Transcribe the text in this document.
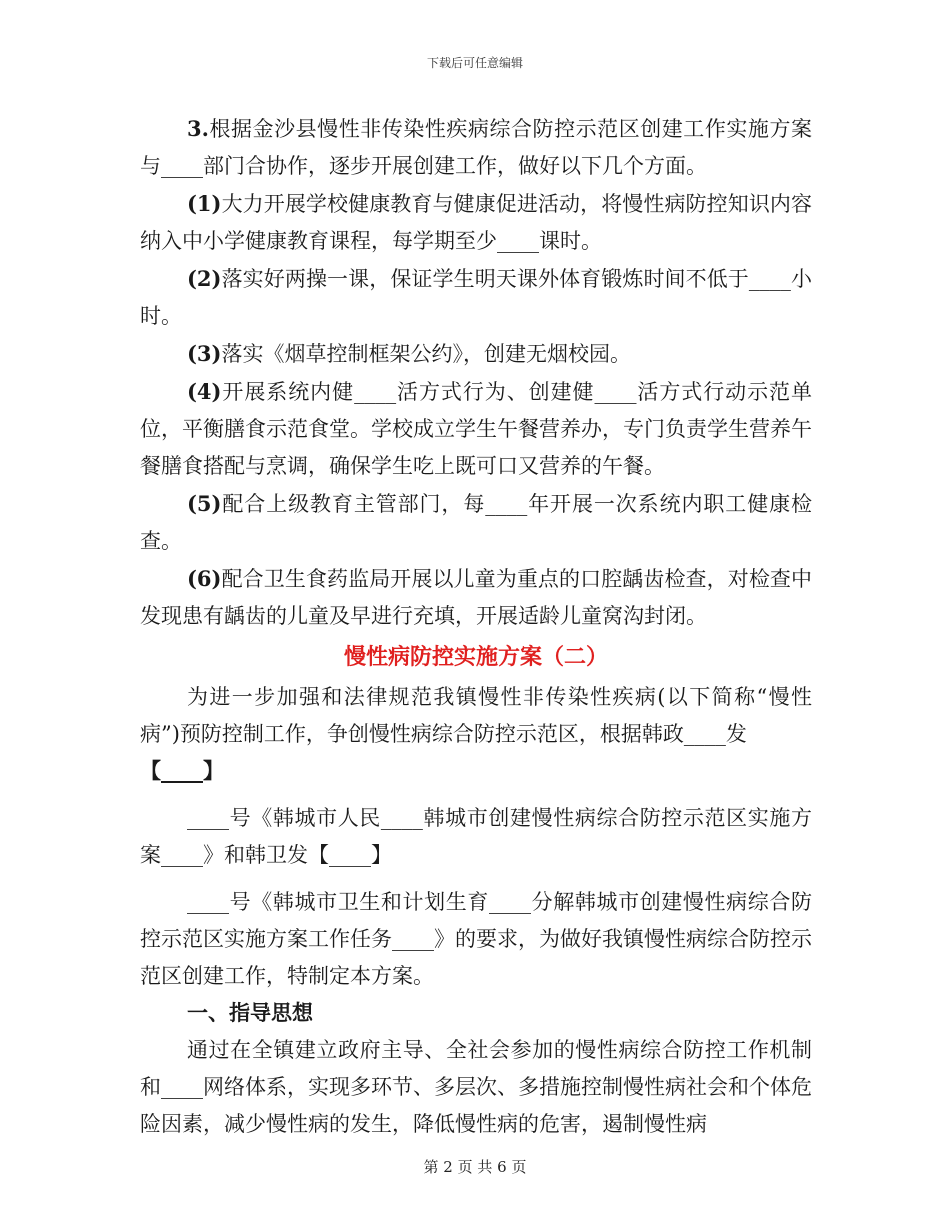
下载后可任意编辑

3.根据金沙县慢性非传染性疾病综合防控示范区创建工作实施方案与____部门合协作，逐步开展创建工作，做好以下几个方面。

(1)大力开展学校健康教育与健康促进活动，将慢性病防控知识内容纳入中小学健康教育课程，每学期至少____课时。

(2)落实好两操一课，保证学生明天课外体育锻炼时间不低于____小时。

(3)落实《烟草控制框架公约》，创建无烟校园。

(4)开展系统内健____活方式行为、创建健____活方式行动示范单位，平衡膳食示范食堂。学校成立学生午餐营养办，专门负责学生营养午餐膳食搭配与烹调，确保学生吃上既可口又营养的午餐。

(5)配合上级教育主管部门，每____年开展一次系统内职工健康检查。

(6)配合卫生食药监局开展以儿童为重点的口腔龋齿检查，对检查中发现患有龋齿的儿童及早进行充填，开展适龄儿童窝沟封闭。

慢性病防控实施方案（二）

为进一步加强和法律规范我镇慢性非传染性疾病(以下简称“慢性病”)预防控制工作，争创慢性病综合防控示范区，根据韩政____发

【____】

____号《韩城市人民____韩城市创建慢性病综合防控示范区实施方案____》和韩卫发【____】

____号《韩城市卫生和计划生育____分解韩城市创建慢性病综合防控示范区实施方案工作任务____》的要求，为做好我镇慢性病综合防控示范区创建工作，特制定本方案。

一、指导思想

通过在全镇建立政府主导、全社会参加的慢性病综合防控工作机制和____网络体系，实现多环节、多层次、多措施控制慢性病社会和个体危险因素，减少慢性病的发生，降低慢性病的危害，遏制慢性病

第 2 页 共 6 页
